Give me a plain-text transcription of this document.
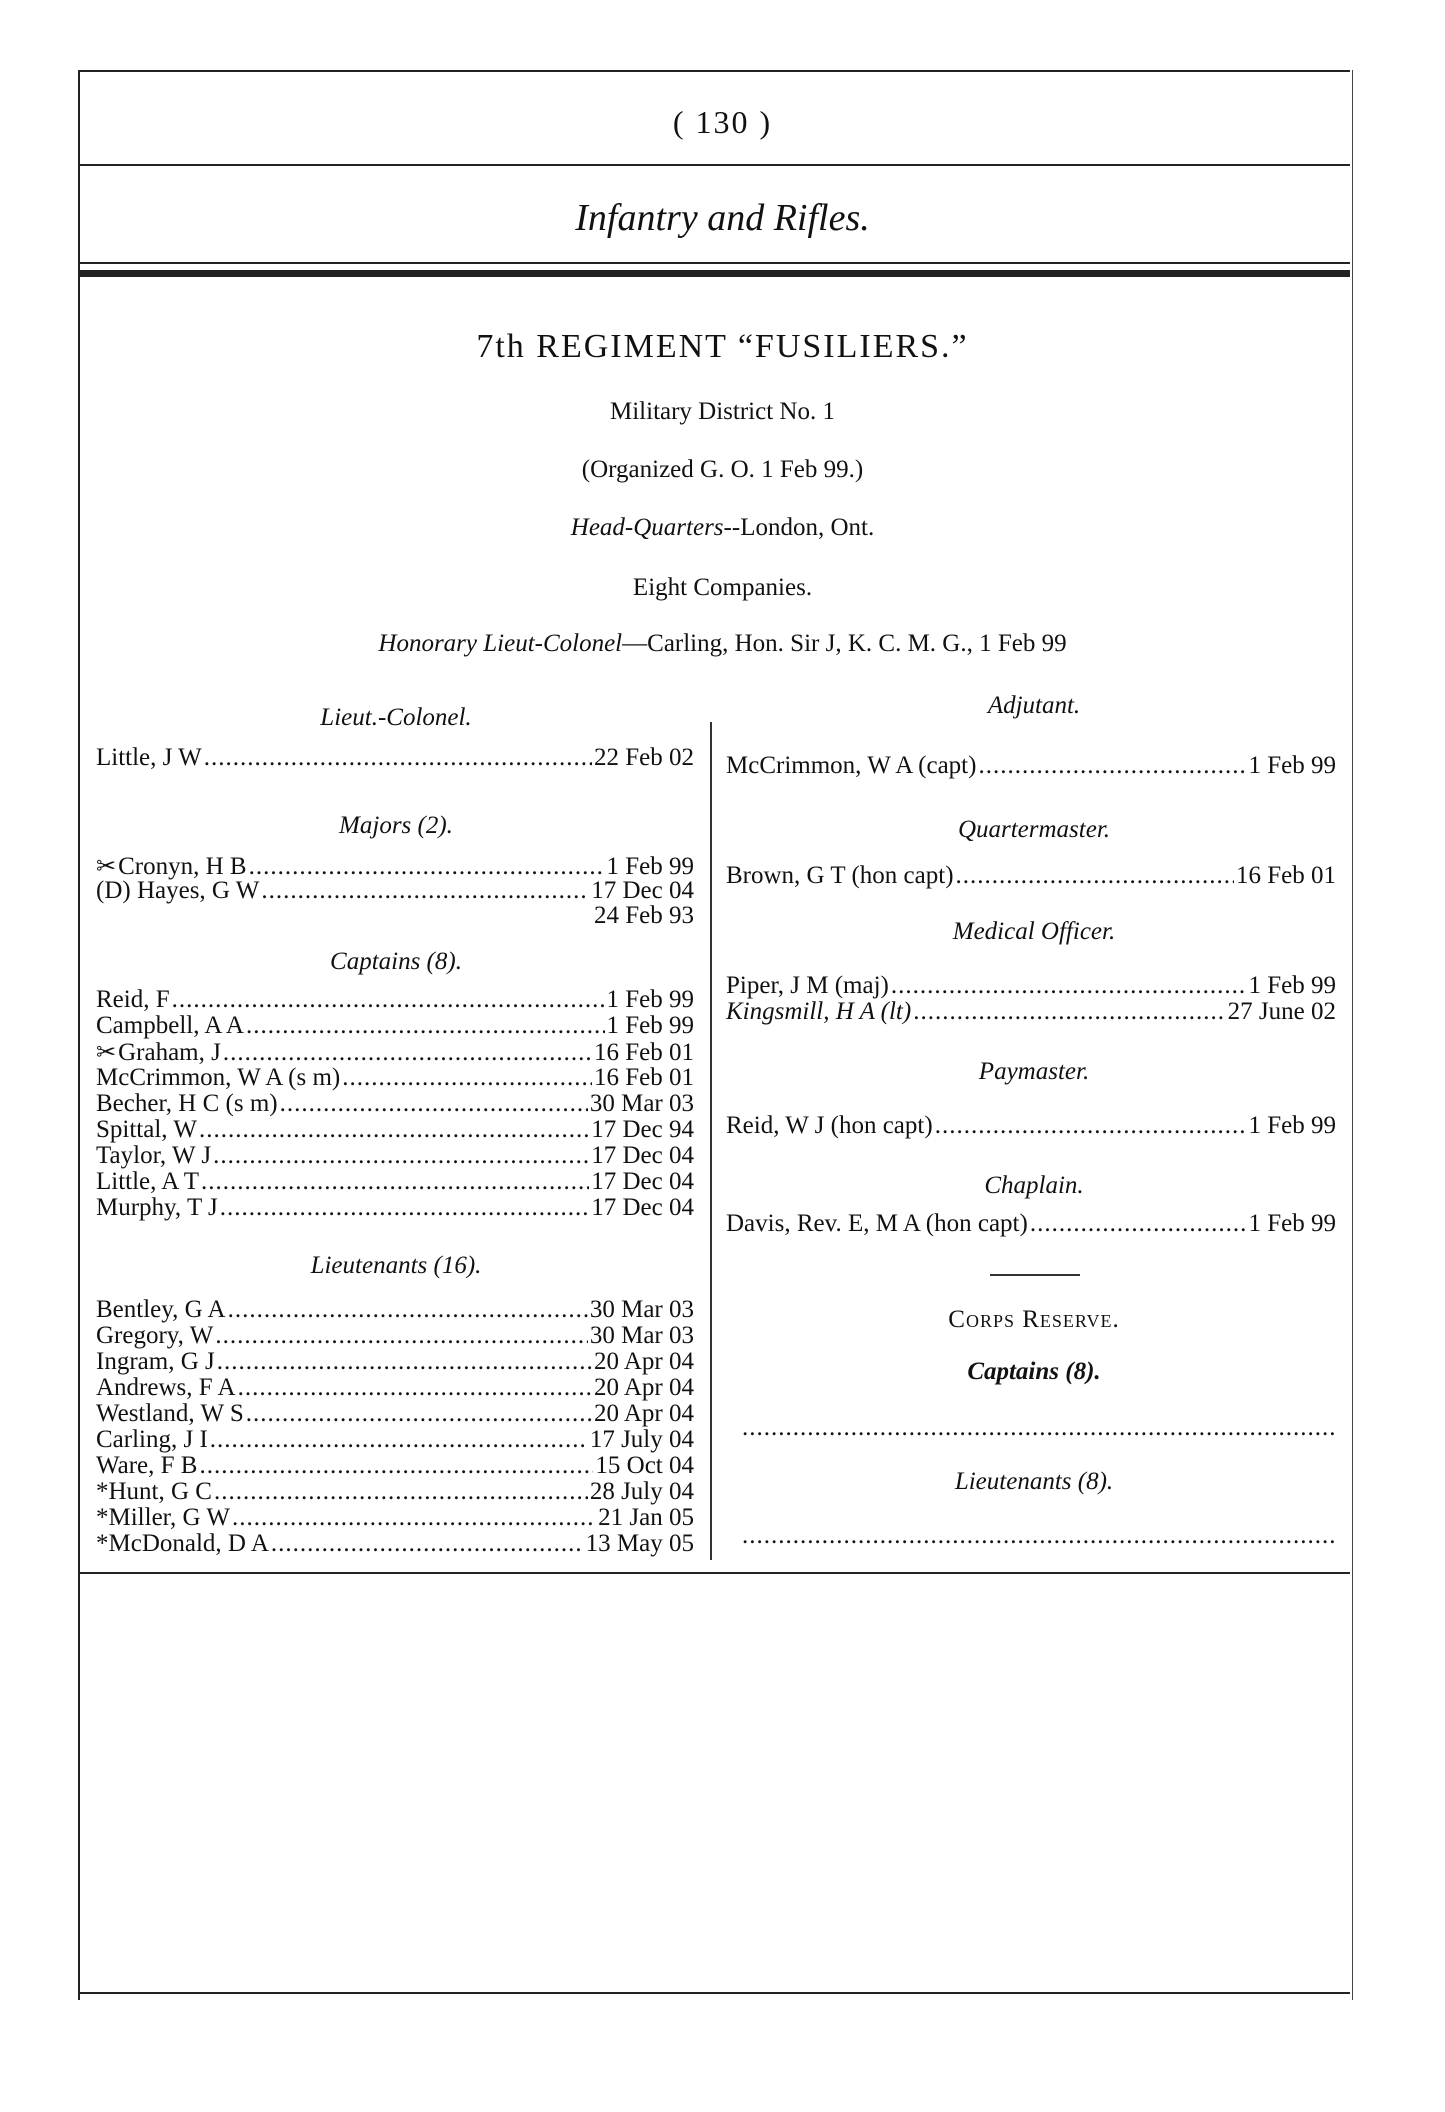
( 130 )
Infantry and Rifles.
7th REGIMENT “FUSILIERS.”
Military District No. 1
(Organized G. O. 1 Feb 99.)
Head-Quarters--London, Ont.
Eight Companies.
Honorary Lieut-Colonel—Carling, Hon. Sir J, K. C. M. G., 1 Feb 99
Lieut.-Colonel.
Little, J W .....	22 Feb 02
Majors (2).
✂ Cronyn, H B .....	1 Feb 99
(D) Hayes, G W .....	17 Dec 04
24 Feb 93
Captains (8).
Reid, F .....	1 Feb 99
Campbell, A A .....	1 Feb 99
✂ Graham, J .....	16 Feb 01
McCrimmon, W A (s m) .....	16 Feb 01
Becher, H C (s m) .....	30 Mar 03
Spittal, W .....	17 Dec 94
Taylor, W J .....	17 Dec 04
Little, A T .....	17 Dec 04
Murphy, T J .....	17 Dec 04
Lieutenants (16).
Bentley, G A .....	30 Mar 03
Gregory, W .....	30 Mar 03
Ingram, G J .....	20 Apr 04
Andrews, F A .....	20 Apr 04
Westland, W S .....	20 Apr 04
Carling, J I .....	17 July 04
Ware, F B .....	15 Oct 04
*Hunt, G C .....	28 July 04
*Miller, G W .....	21 Jan 05
*McDonald, D A .....	13 May 05
Adjutant.
McCrimmon, W A (capt) .....	1 Feb 99
Quartermaster.
Brown, G T (hon capt) .....	16 Feb 01
Medical Officer.
Piper, J M (maj) .....	1 Feb 99
Kingsmill, H A (lt) .....	27 June 02
Paymaster.
Reid, W J (hon capt) .....	1 Feb 99
Chaplain.
Davis, Rev. E, M A (hon capt) .....	1 Feb 99
Corps Reserve.
Captains (8).
.....
Lieutenants (8).
.....
